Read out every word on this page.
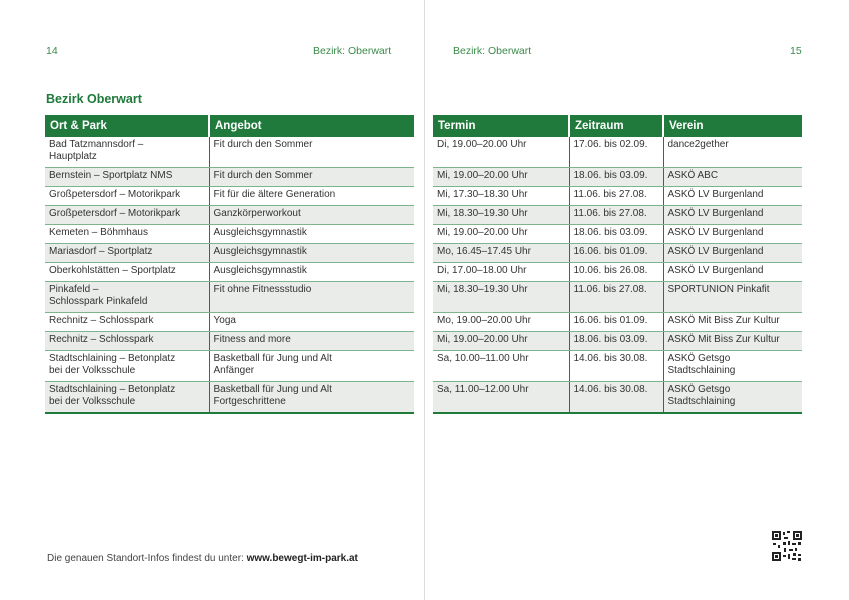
14	Bezirk: Oberwart	Bezirk: Oberwart	15
Bezirk Oberwart
Ort & Park	Angebot
Bad Tatzmannsdorf –
Hauptplatz	Fit durch den Sommer
Bernstein – Sportplatz NMS	Fit durch den Sommer
Großpetersdorf – Motorikpark	Fit für die ältere Generation
Großpetersdorf – Motorikpark	Ganzkörperworkout
Kemeten – Böhmhaus	Ausgleichsgymnastik
Mariasdorf – Sportplatz	Ausgleichsgymnastik
Oberkohlstätten – Sportplatz	Ausgleichsgymnastik
Pinkafeld –
Schlosspark Pinkafeld	Fit ohne Fitnessstudio
Rechnitz – Schlosspark	Yoga
Rechnitz – Schlosspark	Fitness and more
Stadtschlaining – Betonplatz
bei der Volksschule	Basketball für Jung und Alt
Anfänger
Stadtschlaining – Betonplatz
bei der Volksschule	Basketball für Jung und Alt
Fortgeschrittene
Termin	Zeitraum	Verein
Di, 19.00–20.00 Uhr	17.06. bis 02.09.	dance2gether
Mi, 19.00–20.00 Uhr	18.06. bis 03.09.	ASKÖ ABC
Mi, 17.30–18.30 Uhr	11.06. bis 27.08.	ASKÖ LV Burgenland
Mi, 18.30–19.30 Uhr	11.06. bis 27.08.	ASKÖ LV Burgenland
Mi, 19.00–20.00 Uhr	18.06. bis 03.09.	ASKÖ LV Burgenland
Mo, 16.45–17.45 Uhr	16.06. bis 01.09.	ASKÖ LV Burgenland
Di, 17.00–18.00 Uhr	10.06. bis 26.08.	ASKÖ LV Burgenland
Mi, 18.30–19.30 Uhr	11.06. bis 27.08.	SPORTUNION Pinkafit
Mo, 19.00–20.00 Uhr	16.06. bis 01.09.	ASKÖ Mit Biss Zur Kultur
Mi, 19.00–20.00 Uhr	18.06. bis 03.09.	ASKÖ Mit Biss Zur Kultur
Sa, 10.00–11.00 Uhr	14.06. bis 30.08.	ASKÖ Getsgo
Stadtschlaining
Sa, 11.00–12.00 Uhr	14.06. bis 30.08.	ASKÖ Getsgo
Stadtschlaining
Die genauen Standort-Infos findest du unter: www.bewegt-im-park.at
